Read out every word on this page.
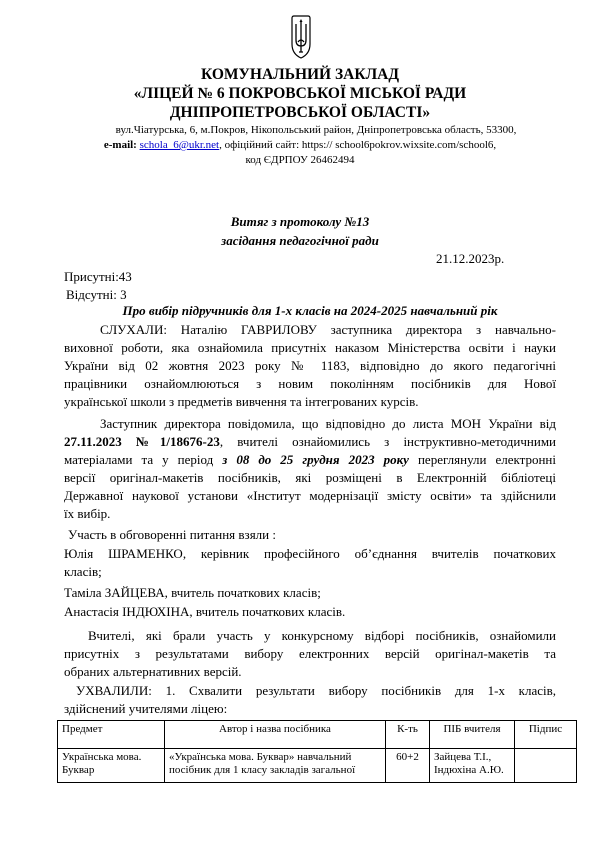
КОМУНАЛЬНИЙ ЗАКЛАД
«ЛІЦЕЙ № 6 ПОКРОВСЬКОЇ МІСЬКОЇ РАДИ
ДНІПРОПЕТРОВСЬКОЇ ОБЛАСТІ»
вул.Чіатурська, 6, м.Покров, Нікопольський район, Дніпропетровська область, 53300,
e-mail: schola_6@ukr.net, офіційний сайт: https:// school6pokrov.wixsite.com/school6,
код ЄДРПОУ 26462494
Витяг з протоколу №13
засідання педагогічної ради
21.12.2023р.
Присутні:43
Відсутні: 3
Про вибір підручників для 1-х класів на 2024-2025 навчальний рік
СЛУХАЛИ: Наталію ГАВРИЛОВУ заступника директора з навчально-
виховної роботи, яка ознайомила присутніх наказом Міністерства освіти і науки
України від 02 жовтня 2023 року № 1183, відповідно до якого педагогічні
працівники ознайомлюються з новим поколінням посібників для Нової
української школи з предметів вивчення та інтегрованих курсів.
Заступник директора повідомила, що відповідно до листа МОН України від
27.11.2023 №1/18676-23, вчителі ознайомились з інструктивно-методичними
матеріалами та у період з 08 до 25 грудня 2023 року переглянули електронні
версії оригінал-макетів посібників, які розміщені в Електронній бібліотеці
Державної наукової установи «Інститут модернізації змісту освіти» та здійснили
їх вибір.
Участь в обговоренні питання взяли :
Юлія ШРАМЕНКО, керівник професійного об’єднання вчителів початкових
класів;
Таміла ЗАЙЦЕВА, вчитель початкових класів;
Анастасія ІНДЮХІНА, вчитель початкових класів.
Вчителі, які брали участь у конкурсному відборі посібників, ознайомили
присутніх з результатами вибору електронних версій оригінал-макетів та
обраних альтернативних версій.
УХВАЛИЛИ: 1. Схвалити результати вибору посібників для 1-х класів,
здійснений учителями ліцею:
Предмет	Автор і назва посібника	К-ть	ПІБ вчителя	Підпис
Українська мова. Буквар	«Українська мова. Буквар» навчальний посібник для 1 класу закладів загальної	60+2	Зайцева Т.І., Індюхіна А.Ю.	
